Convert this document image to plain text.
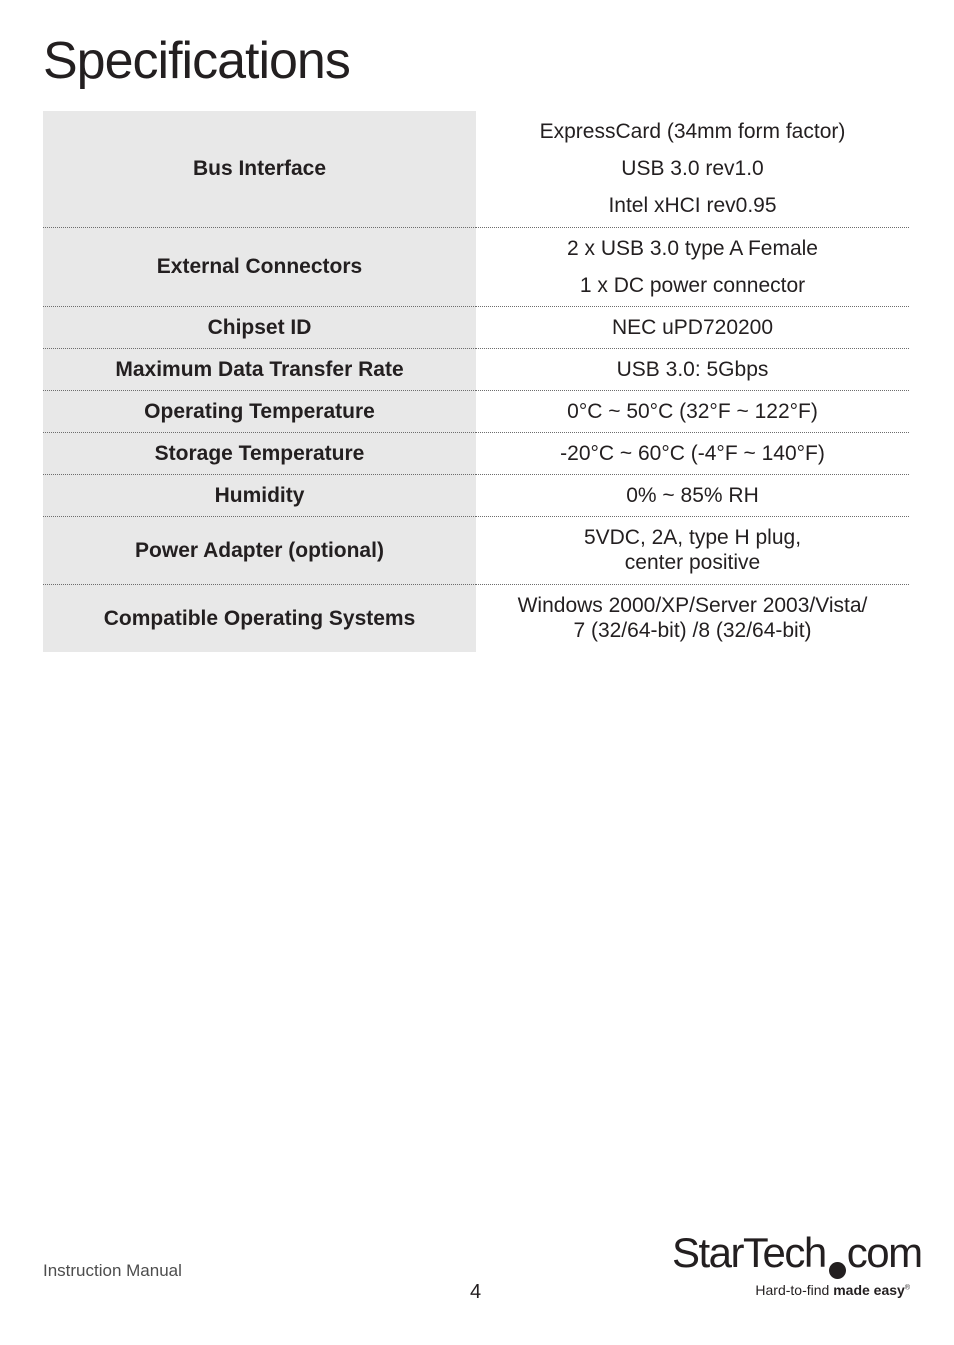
Specifications
Bus Interface	ExpressCard (34mm form factor)
USB 3.0 rev1.0
Intel xHCI rev0.95

External Connectors	2 x USB 3.0 type A Female
1 x DC power connector

Chipset ID	NEC uPD720200

Maximum Data Transfer Rate	USB 3.0: 5Gbps

Operating Temperature	0°C ~ 50°C (32°F ~ 122°F)

Storage Temperature	-20°C ~ 60°C (-4°F ~ 140°F)

Humidity	0% ~ 85% RH

Power Adapter (optional)	5VDC, 2A, type H plug,
center positive

Compatible Operating Systems	Windows 2000/XP/Server 2003/Vista/
7 (32/64-bit) /8 (32/64-bit)
Instruction Manual
4
StarTech com
Hard-to-find made easy®
